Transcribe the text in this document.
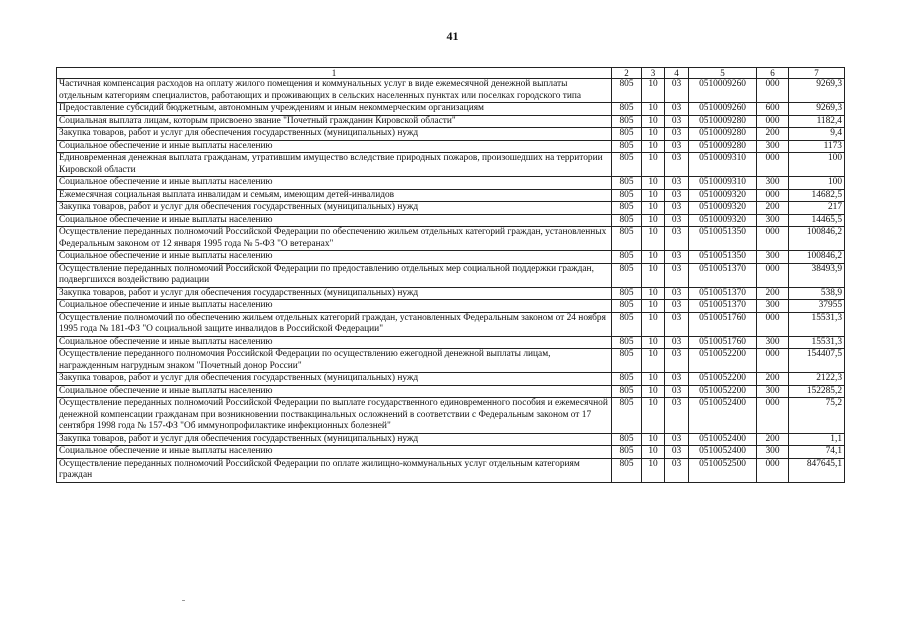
41
1	2	3	4	5	6	7
Частичная компенсация расходов на оплату жилого помещения и коммунальных услуг в виде ежемесячной денежной выплаты отдельным категориям специалистов, работающих и проживающих в сельских населенных пунктах или поселках городского типа	805	10	03	0510009260	000	9269,3
Предоставление субсидий бюджетным, автономным учреждениям и иным некоммерческим организациям	805	10	03	0510009260	600	9269,3
Социальная выплата лицам, которым присвоено звание "Почетный гражданин Кировской области"	805	10	03	0510009280	000	1182,4
Закупка товаров, работ и услуг для обеспечения государственных (муниципальных) нужд	805	10	03	0510009280	200	9,4
Социальное обеспечение и иные выплаты населению	805	10	03	0510009280	300	1173
Единовременная денежная выплата гражданам, утратившим имущество вследствие природных пожаров, произошедших на территории Кировской области	805	10	03	0510009310	000	100
Социальное обеспечение и иные выплаты населению	805	10	03	0510009310	300	100
Ежемесячная социальная выплата инвалидам и семьям, имеющим детей-инвалидов	805	10	03	0510009320	000	14682,5
Закупка товаров, работ и услуг для обеспечения государственных (муниципальных) нужд	805	10	03	0510009320	200	217
Социальное обеспечение и иные выплаты населению	805	10	03	0510009320	300	14465,5
Осуществление переданных полномочий Российской Федерации по обеспечению жильем отдельных категорий граждан, установленных Федеральным законом от 12 января 1995 года № 5-ФЗ "О ветеранах"	805	10	03	0510051350	000	100846,2
Социальное обеспечение и иные выплаты населению	805	10	03	0510051350	300	100846,2
Осуществление переданных полномочий Российской Федерации по предоставлению отдельных мер социальной поддержки граждан, подвергшихся воздействию радиации	805	10	03	0510051370	000	38493,9
Закупка товаров, работ и услуг для обеспечения государственных (муниципальных) нужд	805	10	03	0510051370	200	538,9
Социальное обеспечение и иные выплаты населению	805	10	03	0510051370	300	37955
Осуществление полномочий по обеспечению жильем отдельных категорий граждан, установленных Федеральным законом от 24 ноября 1995 года № 181-ФЗ "О социальной защите инвалидов в Российской Федерации"	805	10	03	0510051760	000	15531,3
Социальное обеспечение и иные выплаты населению	805	10	03	0510051760	300	15531,3
Осуществление переданного полномочия Российской Федерации по осуществлению ежегодной денежной выплаты лицам, награжденным нагрудным знаком "Почетный донор России"	805	10	03	0510052200	000	154407,5
Закупка товаров, работ и услуг для обеспечения государственных (муниципальных) нужд	805	10	03	0510052200	200	2122,3
Социальное обеспечение и иные выплаты населению	805	10	03	0510052200	300	152285,2
Осуществление переданных полномочий Российской Федерации по выплате государственного единовременного пособия и ежемесячной денежной компенсации гражданам при возникновении поствакцинальных осложнений в соответствии с Федеральным законом от 17 сентября 1998 года № 157-ФЗ "Об иммунопрофилактике инфекционных болезней"	805	10	03	0510052400	000	75,2
Закупка товаров, работ и услуг для обеспечения государственных (муниципальных) нужд	805	10	03	0510052400	200	1,1
Социальное обеспечение и иные выплаты населению	805	10	03	0510052400	300	74,1
Осуществление переданных полномочий Российской Федерации по оплате жилищно-коммунальных услуг отдельным категориям граждан	805	10	03	0510052500	000	847645,1
